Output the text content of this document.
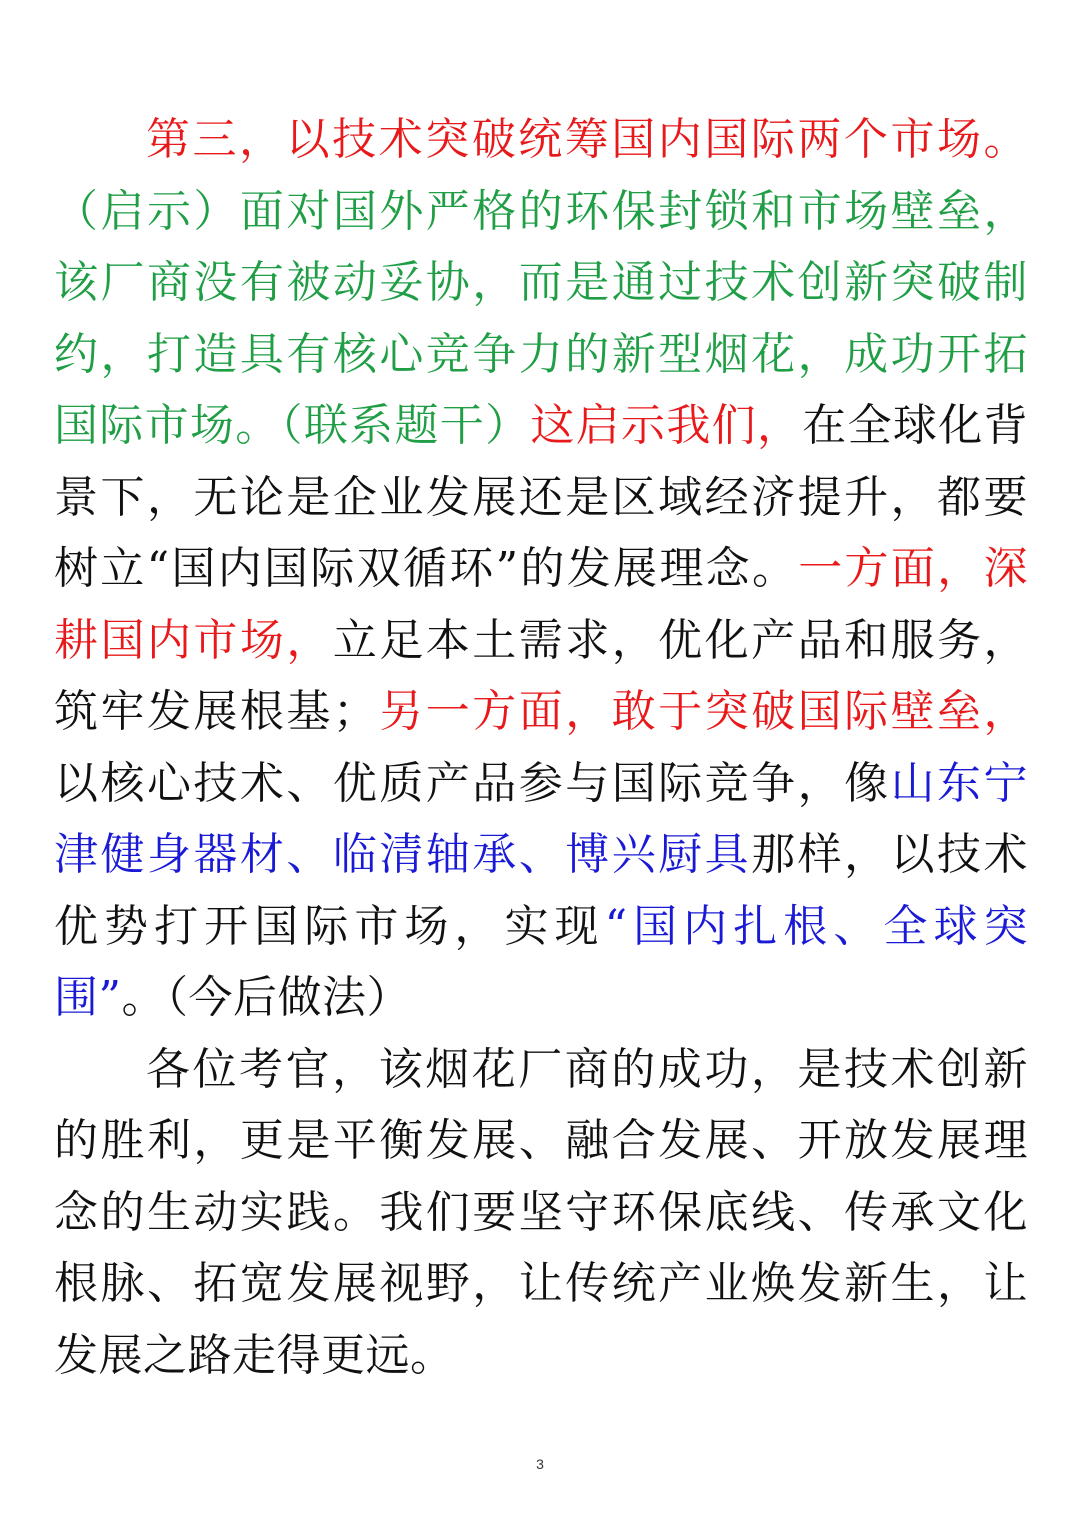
第三，以技术突破统筹国内国际两个市场。（启示）面对国外严格的环保封锁和市场壁垒，该厂商没有被动妥协，而是通过技术创新突破制约，打造具有核心竞争力的新型烟花，成功开拓国际市场。（联系题干）这启示我们，在全球化背景下，无论是企业发展还是区域经济提升，都要树立“国内国际双循环”的发展理念。一方面，深耕国内市场，立足本土需求，优化产品和服务，筑牢发展根基；另一方面，敢于突破国际壁垒，以核心技术、优质产品参与国际竞争，像山东宁津健身器材、临清轴承、博兴厨具那样，以技术优势打开国际市场，实现“国内扎根、全球突围”。（今后做法）

各位考官，该烟花厂商的成功，是技术创新的胜利，更是平衡发展、融合发展、开放发展理念的生动实践。我们要坚守环保底线、传承文化根脉、拓宽发展视野，让传统产业焕发新生，让发展之路走得更远。

3
